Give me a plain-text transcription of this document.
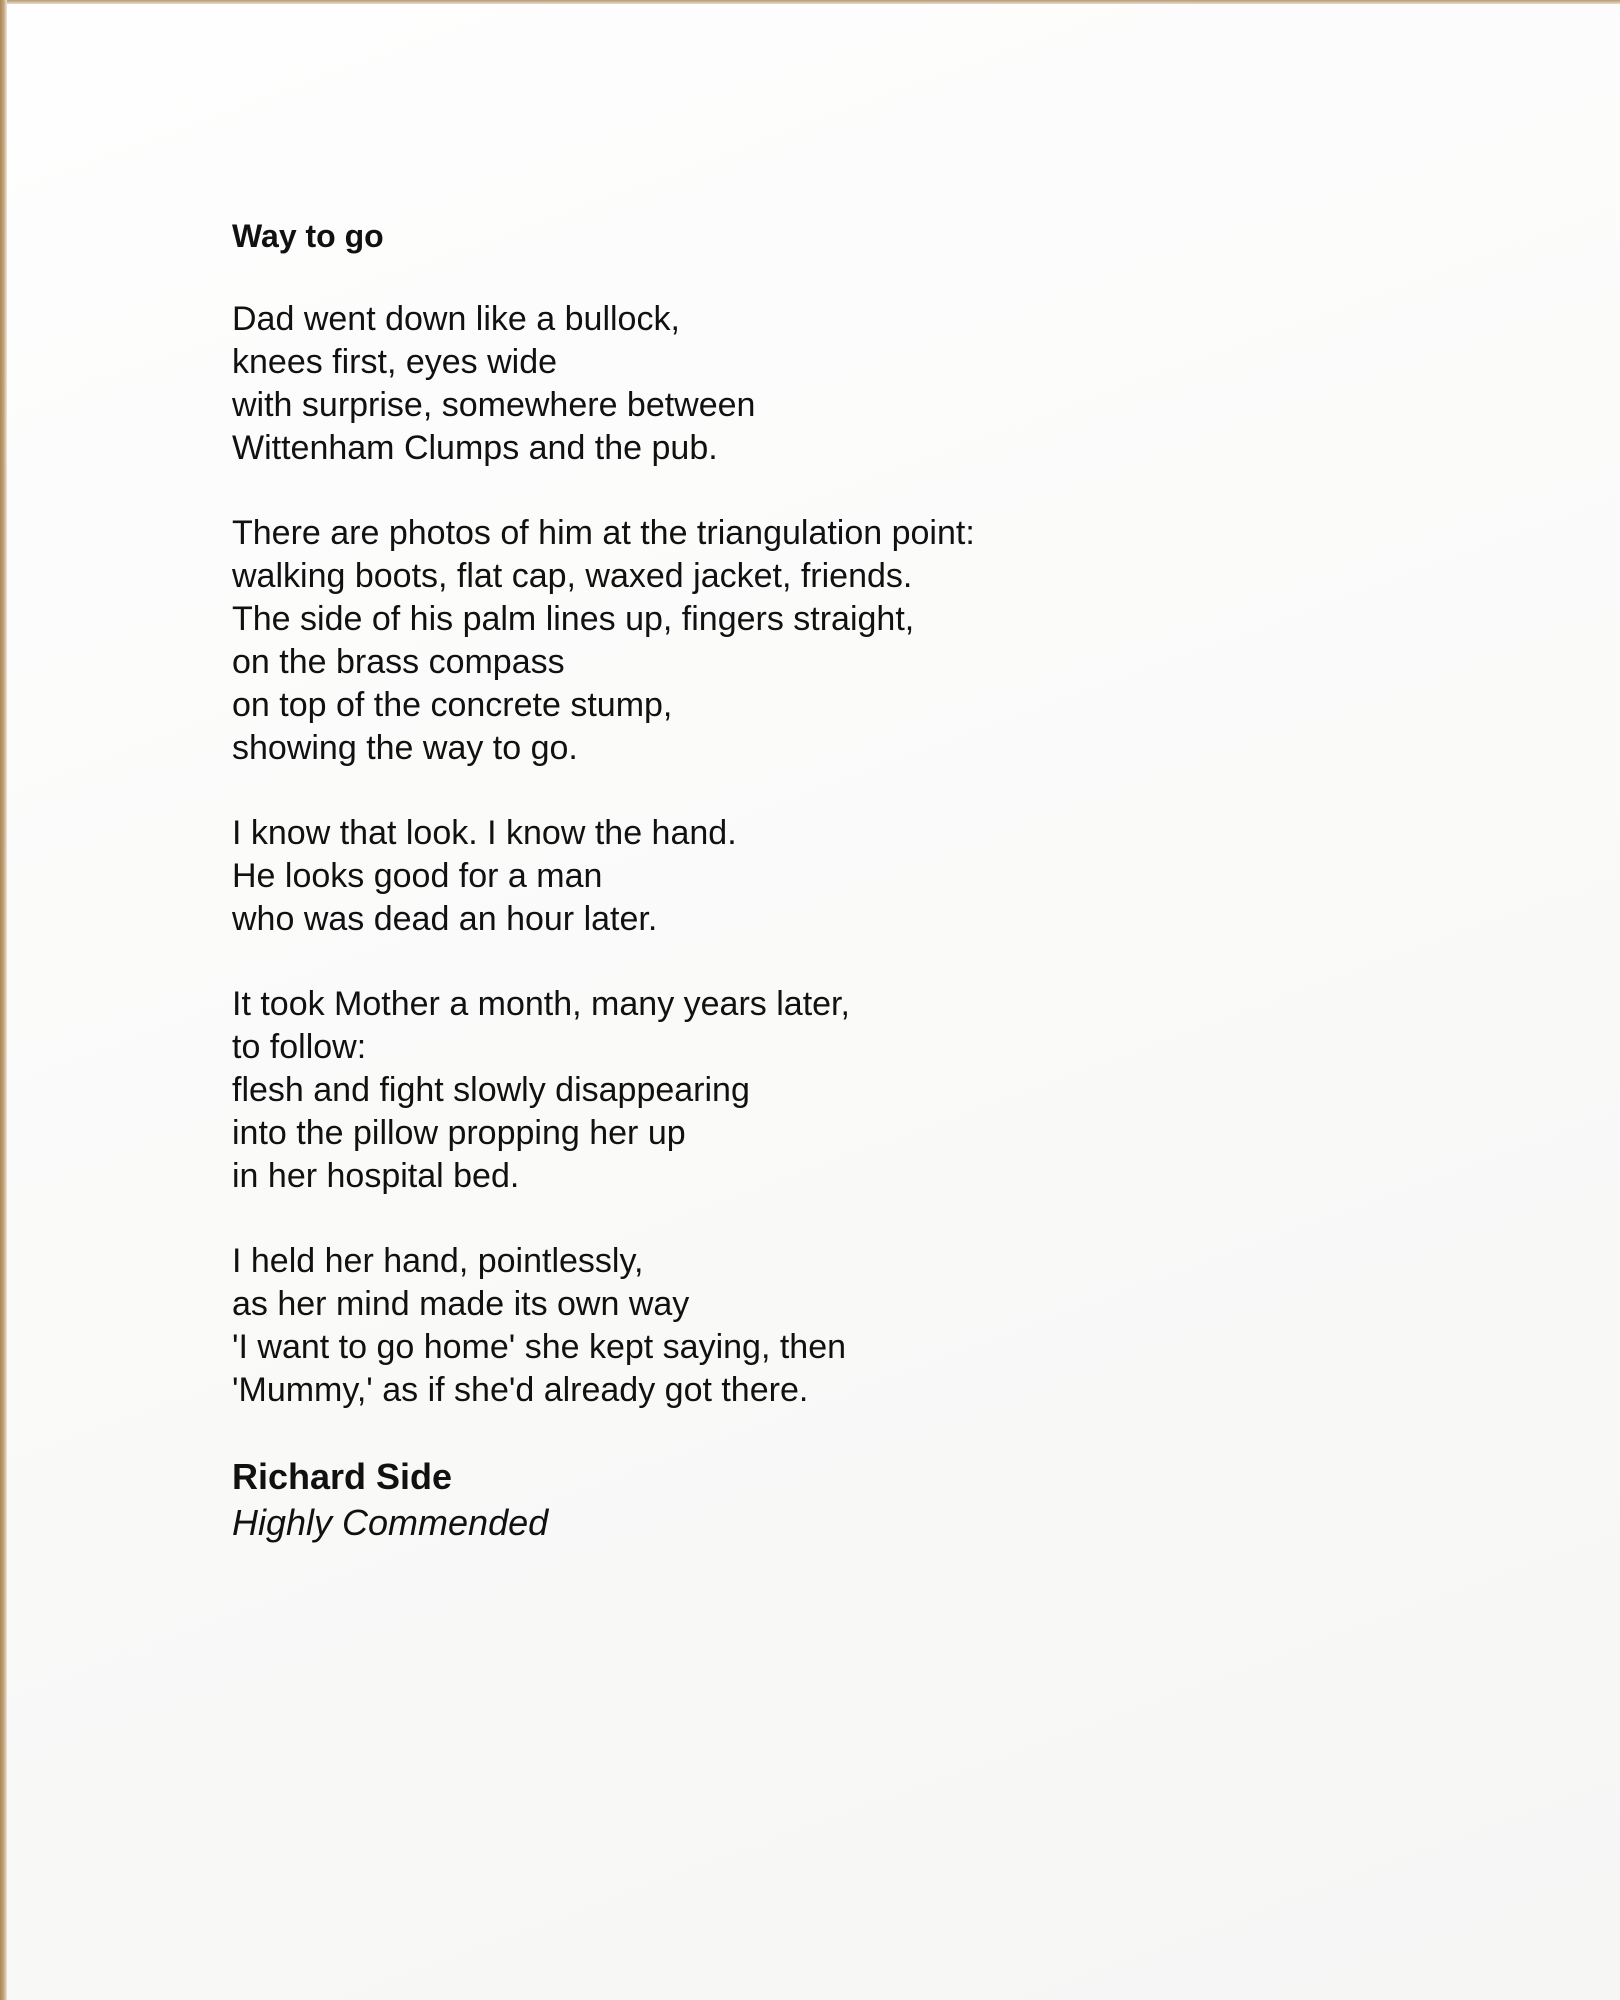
Way to go
Dad went down like a bullock,
knees first, eyes wide
with surprise, somewhere between
Wittenham Clumps and the pub.
There are photos of him at the triangulation point:
walking boots, flat cap, waxed jacket, friends.
The side of his palm lines up, fingers straight,
on the brass compass
on top of the concrete stump,
showing the way to go.
I know that look. I know the hand.
He looks good for a man
who was dead an hour later.
It took Mother a month, many years later,
to follow:
flesh and fight slowly disappearing
into the pillow propping her up
in her hospital bed.
I held her hand, pointlessly,
as her mind made its own way
'I want to go home' she kept saying, then
'Mummy,' as if she'd already got there.
Richard Side
Highly Commended
